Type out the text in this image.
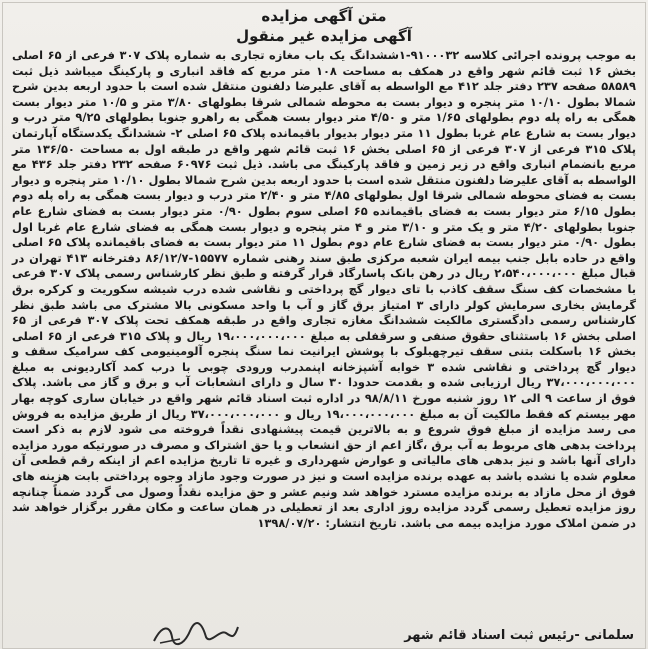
متن آگهی مزایده
آگهی مزایده غیر منقول

به موجب پرونده اجرائی کلاسه ۹۱۰۰۰۳۲-۱ششدانگ یک باب مغازه تجاری به شماره پلاک ۳۰۷ فرعی از ۶۵ اصلی بخش ۱۶ ثبت قائم شهر واقع در همکف به مساحت ۱۰۸ متر مربع که فاقد انباری و پارکینگ میباشد ذیل ثبت ۵۸۵۸۹ صفحه ۲۳۷ دفتر جلد ۴۱۲ مع الواسطه به آقای علیرضا دلفنون منتقل شده است با حدود اربعه بدین شرح شمالا بطول ۱۰/۱۰ متر پنجره و دیوار بست به محوطه شمالی شرقا بطولهای ۳/۸۰ متر و ۱۰/۵ متر دیوار بست همگی به راه پله دوم بطولهای ۱/۶۵ متر و ۴/۵۰ متر دیوار بست همگی به راهرو جنوبا بطولهای ۹/۲۵ متر درب و دیوار بست به شارع عام غربا بطول ۱۱ متر دیوار بدیوار باقیمانده پلاک ۶۵ اصلی ۲- ششدانگ یکدستگاه آپارتمان پلاک ۳۱۵ فرعی از ۳۰۷ فرعی از ۶۵ اصلی بخش ۱۶ ثبت قائم شهر واقع در طبقه اول به مساحت ۱۳۶/۵۰ متر مربع بانضمام انباری واقع در زیر زمین و فاقد پارکینگ می باشد. ذیل ثبت ۶۰۹۷۶ صفحه ۲۳۲ دفتر جلد ۴۳۶ مع الواسطه به آقای علیرضا دلفنون منتقل شده است با حدود اربعه بدین شرح شمالا بطول ۱۰/۱۰ متر پنجره و دیوار بست به فضای محوطه شمالی شرقا اول بطولهای ۴/۸۵ متر و ۲/۴۰ متر درب و دیوار بست همگی به راه پله دوم بطول ۶/۱۵ متر دیوار بست به فضای باقیمانده ۶۵ اصلی سوم بطول ۰/۹۰ متر دیوار بست به فضای شارع عام جنوبا بطولهای ۴/۲۰ متر و یک متر و ۳/۱۰ متر و ۴ متر پنجره و دیوار بست همگی به فضای شارع عام غربا اول بطول ۰/۹۰ متر دیوار بست به فضای شارع عام دوم بطول ۱۱ متر دیوار بست به فضای باقیمانده پلاک ۶۵ اصلی واقع در حاده بابل جنب بیمه ایران شعبه مرکزی طبق سند رهنی شماره ۱۵۵۷۷-۸۶/۱۲/۷ دفترخانه ۴۱۳ تهران در قبال مبلغ ۲،۵۴۰،۰۰۰،۰۰۰ ریال در رهن بانک پاسارگاد قرار گرفته و طبق نظر کارشناس رسمی پلاک ۳۰۷ فرعی با مشخصات کف سنگ سقف کاذب با تای دیوار گچ پرداختی و نقاشی شده درب شیشه سکوریت و کرکره برق گرمایش بخاری سرمایش کولر دارای ۳ امتیاز برق گاز و آب با واحد مسکونی بالا مشترک می باشد طبق نظر کارشناس رسمی دادگستری مالکیت ششدانگ مغازه تجاری واقع در طبقه همکف تحت پلاک ۳۰۷ فرعی از ۶۵ اصلی بخش ۱۶ باستثنای حقوق صنفی و سرقفلی به مبلغ ۱۹،۰۰۰،۰۰۰،۰۰۰ ریال و پلاک ۳۱۵ فرعی از ۶۵ اصلی بخش ۱۶ باسکلت بتنی سقف تیرچهبلوک با پوشش ایرانیت نما سنگ پنجره آلومینیومی کف سرامیک سقف و دیوار گچ پرداختی و نقاشی شده ۳ خوابه آشپزخانه اپنمدرب ورودی چوبی با درب کمد آکاردیونی به مبلغ ۳۷،۰۰۰،۰۰۰،۰۰۰ ریال ارزیابی شده و بقدمت حدودا ۳۰ سال و دارای انشعابات آب و برق و گاز می باشد. پلاک فوق از ساعت ۹ الی ۱۲ روز شنبه مورخ ۹۸/۸/۱۱ در اداره ثبت اسناد قائم شهر واقع در خیابان ساری کوچه بهار مهر بیستم که فقط مالکیت آن به مبلغ ۱۹،۰۰۰،۰۰۰،۰۰۰ ریال و ۳۷،۰۰۰،۰۰۰،۰۰۰ ریال از طریق مزایده به فروش می رسد مزایده از مبلغ فوق شروع و به بالاترین قیمت پیشنهادی نقداً فروخته می شود لازم به ذکر است پرداخت بدهی های مربوط به آب برق ،گاز اعم از حق انشعاب و یا حق اشتراک و مصرف در صورتیکه مورد مزایده دارای آنها باشد و نیز بدهی های مالیاتی و عوارض شهرداری و غیره تا تاریخ مزایده اعم از اینکه رقم قطعی آن معلوم شده یا نشده باشد به عهده برنده مزایده است و نیز در صورت وجود مازاد وجوه پرداختی بابت هزینه های فوق از محل مازاد به برنده مزایده مسترد خواهد شد ونیم عشر و حق مزایده نقداً وصول می گردد ضمناً چنانچه روز مزایده تعطیل رسمی گردد مزایده روز اداری بعد از تعطیلی در همان ساعت و مکان مقرر برگزار خواهد شد در ضمن املاک مورد مزایده بیمه می باشد. تاریخ انتشار: ۱۳۹۸/۰۷/۲۰

سلمانی -رئیس ثبت اسناد قائم شهر
